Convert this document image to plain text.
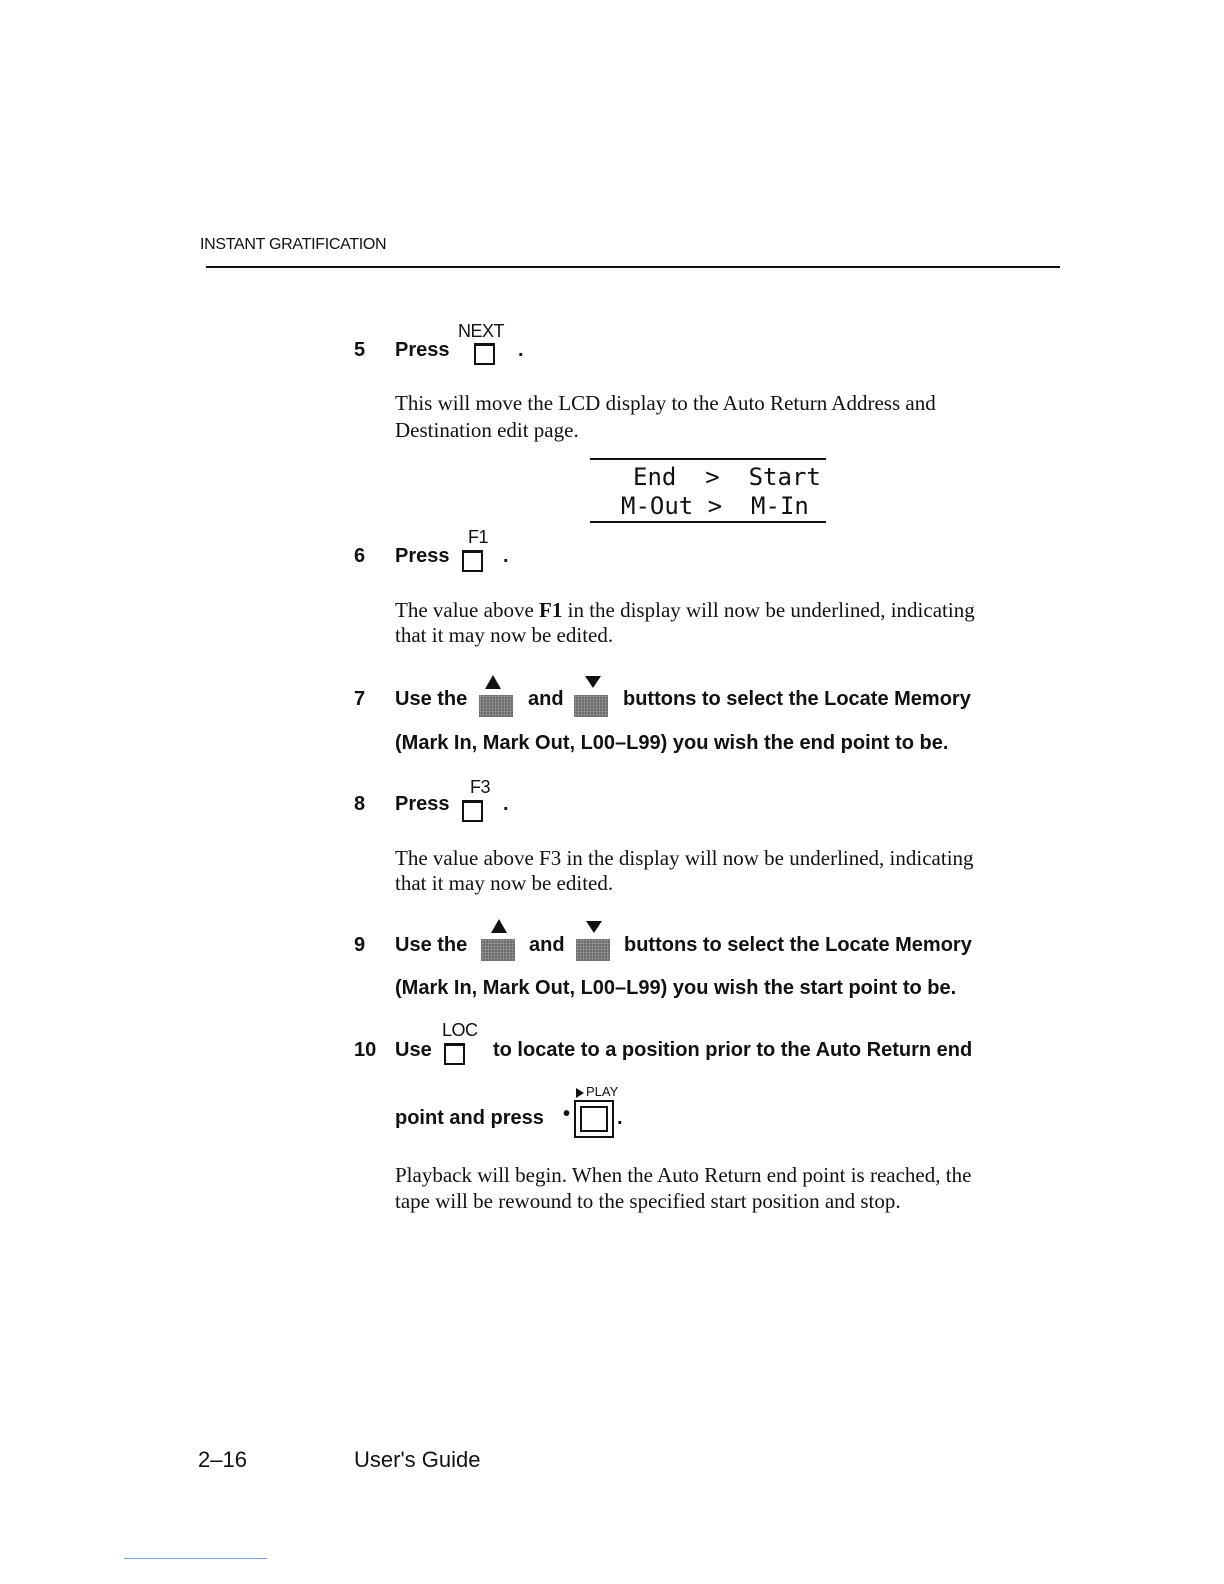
INSTANT GRATIFICATION
5 Press
NEXT
.
This will move the LCD display to the Auto Return Address and
Destination edit page.
End  >  Start
M-Out >  M-In
6 Press
F1
.
The value above F1 in the display will now be underlined, indicating
that it may now be edited.
7 Use the	and	buttons to select the Locate Memory
(Mark In, Mark Out, L00–L99) you wish the end point to be.
8 Press
F3
.
The value above F3 in the display will now be underlined, indicating
that it may now be edited.
9 Use the	and	buttons to select the Locate Memory
(Mark In, Mark Out, L00–L99) you wish the start point to be.
10 Use
LOC
to locate to a position prior to the Auto Return end
point and press •
PLAY
.
Playback will begin. When the Auto Return end point is reached, the
tape will be rewound to the specified start position and stop.
2–16	User's Guide
